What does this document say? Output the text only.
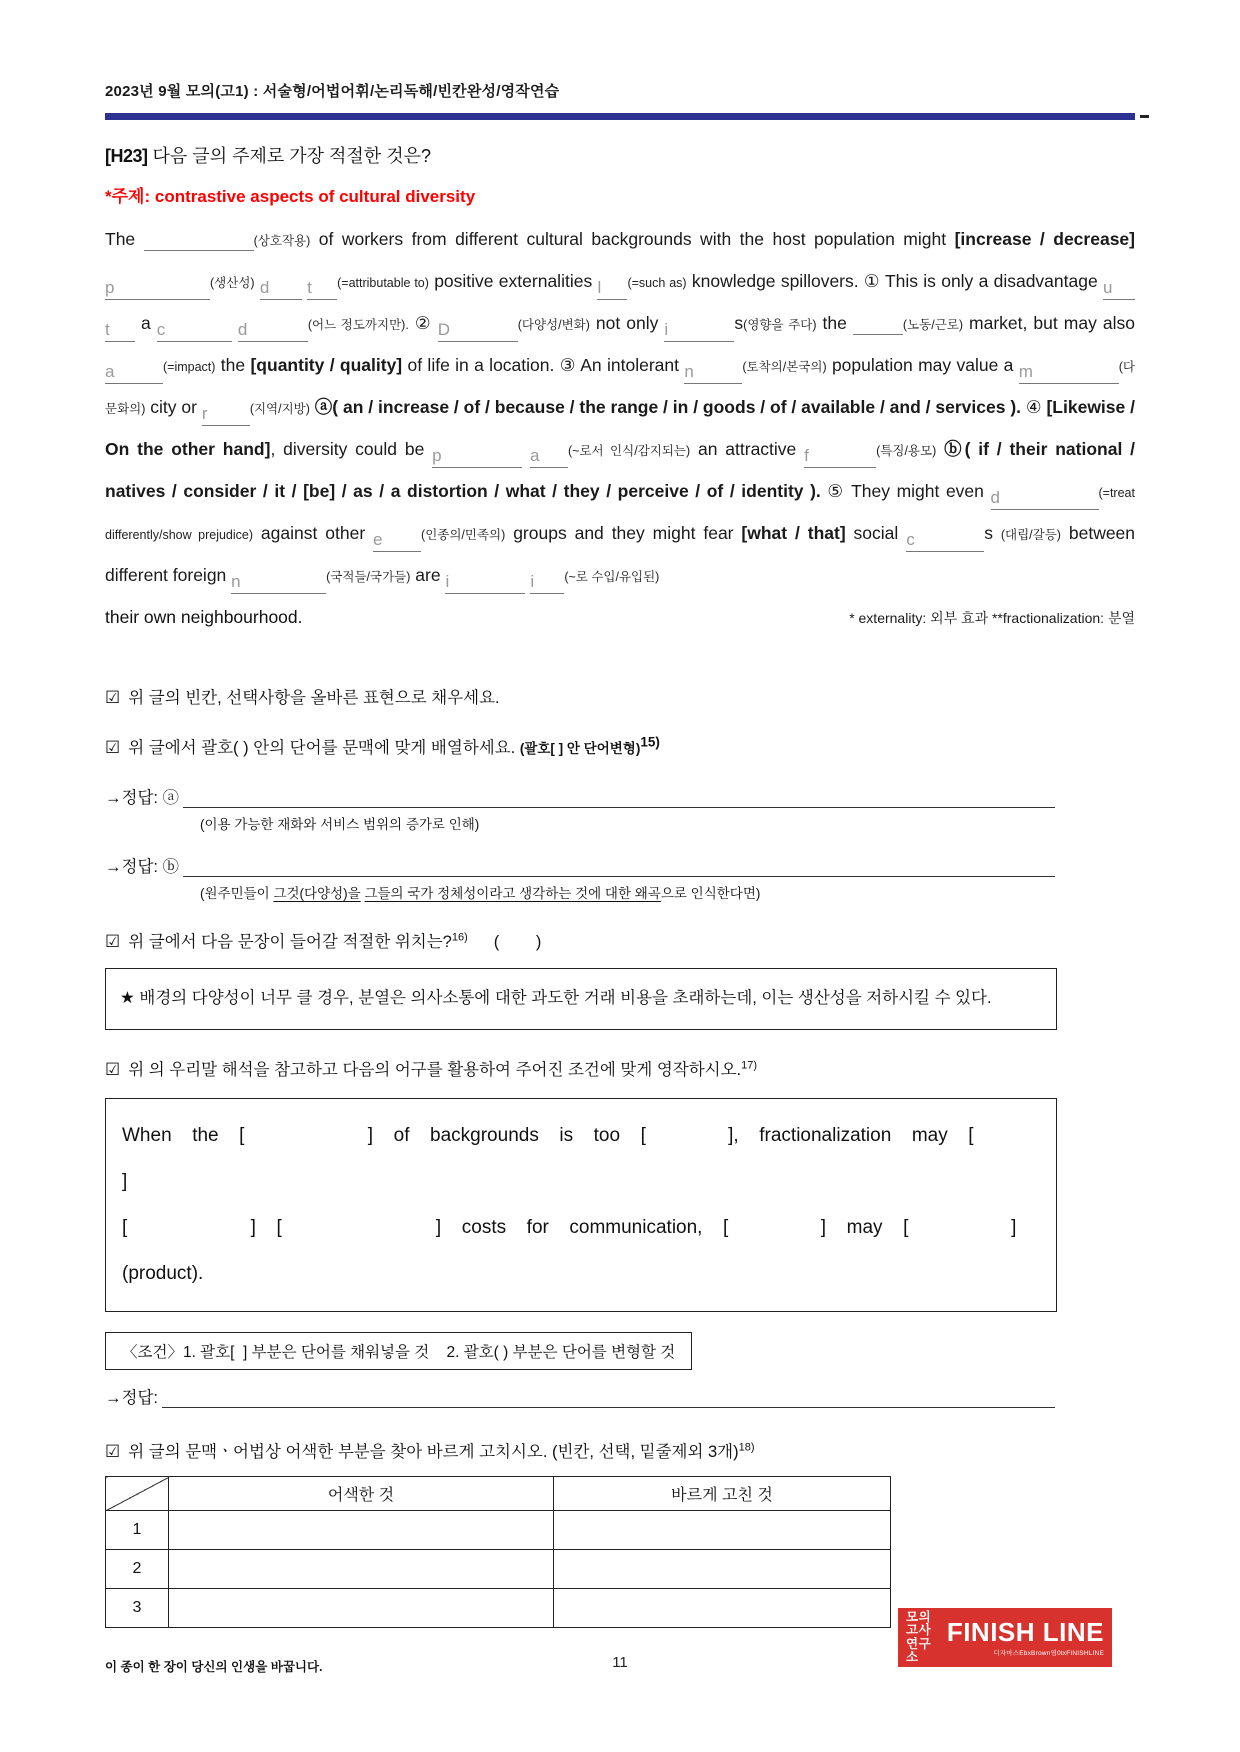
2023년 9월 모의(고1) : 서술형/어법어휘/논리독해/빈칸완성/영작연습
[H23] 다음 글의 주제로 가장 적절한 것은?
*주제: contrastive aspects of cultural diversity
The	(상호작용) of workers from different cultural backgrounds with the host population might [increase / decrease] p	(생산성) d t (=attributable to) positive externalities l (=such as) knowledge spillovers. ① This is only a disadvantage u t a c	d	(어느 정도까지만). ② D	(다양성/변화) not only i	s(영향을 주다) the	(노동/근로) market, but may also a	(=impact) the [quantity / quality] of life in a location. ③ An intolerant n	(토착의/본국의) population may value a m	(다문화의) city or r	(지역/지방) ⓐ( an / increase / of / because / the range / in / goods / of / available / and / services ). ④ [Likewise / On the other hand], diversity could be p	a (~로서 인식/감지되는) an attractive f	(특징/용모) ⓑ( if / their national / natives / consider / it / [be] / as / a distortion / what / they / perceive / of / identity ). ⑤ They might even d	(=treat differently/show prejudice) against other e	(인종의/민족의) groups and they might fear [what / that] social c	s (대립/갈등) between different foreign n	(국적들/국가들) are i	i (~로 수입/유입된)
their own neighbourhood.	* externality: 외부 효과 **fractionalization: 분열
☑ 위 글의 빈칸, 선택사항을 올바른 표현으로 채우세요.
☑ 위 글에서 괄호( ) 안의 단어를 문맥에 맞게 배열하세요. (괄호[ ] 안 단어변형)$^{15)}$
→정답: ⓐ
(이용 가능한 재화와 서비스 범위의 증가로 인해)
→정답: ⓑ
(원주민들이 그것(다양성)을 그들의 국가 정체성이라고 생각하는 것에 대한 왜곡으로 인식한다면)
☑ 위 글에서 다음 문장이 들어갈 적절한 위치는?$^{16)}$ (        )
★ 배경의 다양성이 너무 클 경우, 분열은 의사소통에 대한 과도한 거래 비용을 초래하는데, 이는 생산성을 저하시킬 수 있다.
☑ 위 의 우리말 해석을 참고하고 다음의 어구를 활용하여 주어진 조건에 맞게 영작하시오.$^{17)}$
When  the  [            ]  of  backgrounds  is  too  [        ],  fractionalization  may  [          ]
[            ]  [               ]  costs  for  communication,  [         ]  may  [          ]  (product).
〈조건〉1. 괄호[  ] 부분은 단어를 채워넣을 것    2. 괄호( ) 부분은 단어를 변형할 것
→정답:
☑ 위 글의 문맥ㆍ어법상 어색한 부분을 찾아 바르게 고치시오. (빈칸, 선택, 밑줄제외 3개)$^{18)}$
	어색한 것	바르게 고친 것
1		
2		
3		
이 종이 한 장이 당신의 인생을 바꿉니다.	11
모의
고사
연구소
FINISH LINE
디자마스EbxBrown염0txFINISHLINE
